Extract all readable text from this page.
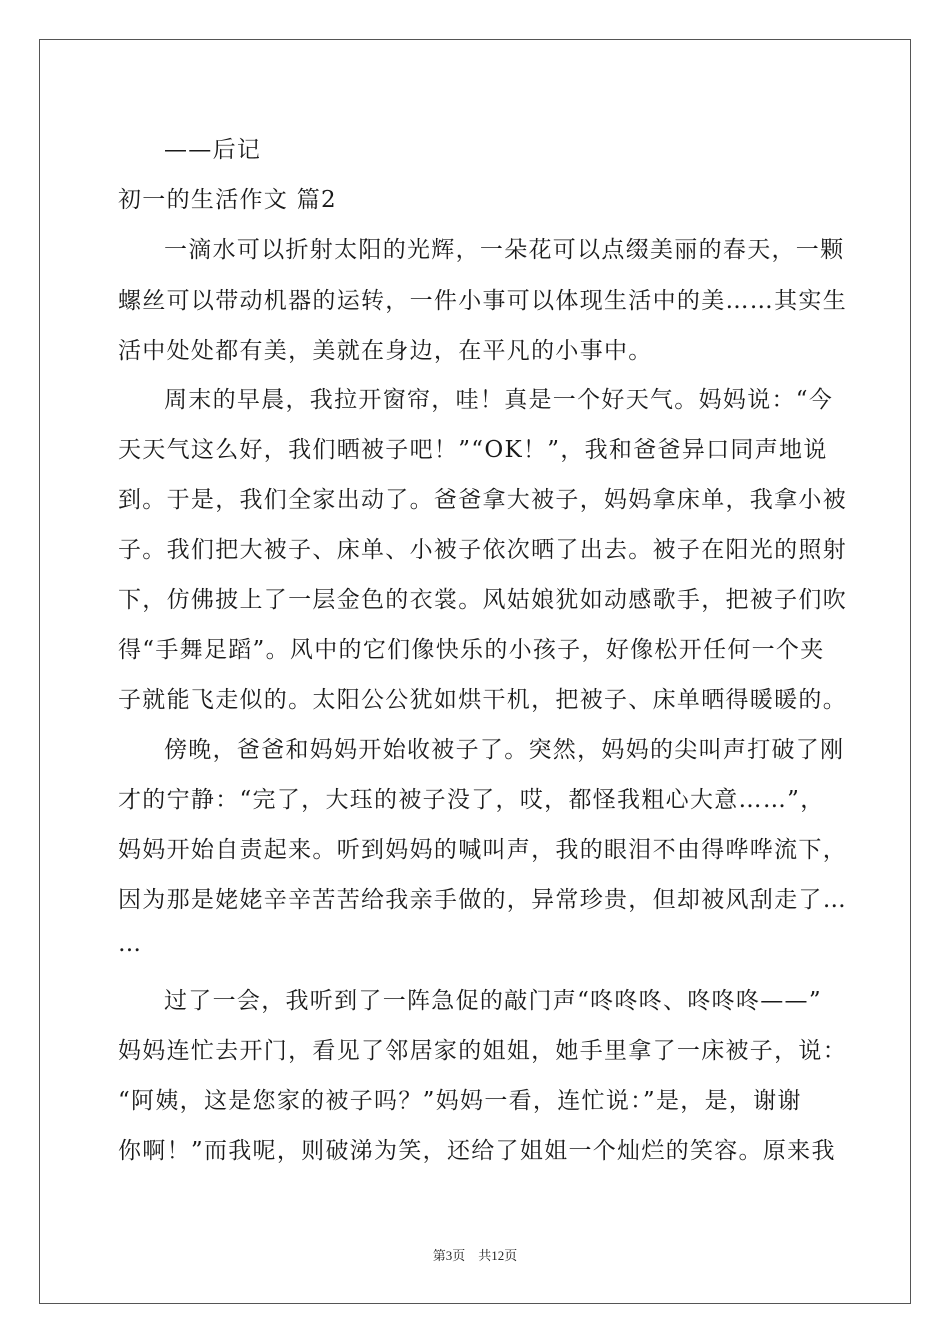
——后记
初一的生活作文 篇2
一滴水可以折射太阳的光辉，一朵花可以点缀美丽的春天，一颗
螺丝可以带动机器的运转，一件小事可以体现生活中的美……其实生
活中处处都有美，美就在身边，在平凡的小事中。
周末的早晨，我拉开窗帘，哇！真是一个好天气。妈妈说：“今
天天气这么好，我们晒被子吧！”“OK！”，我和爸爸异口同声地说
到。于是，我们全家出动了。爸爸拿大被子，妈妈拿床单，我拿小被
子。我们把大被子、床单、小被子依次晒了出去。被子在阳光的照射
下，仿佛披上了一层金色的衣裳。风姑娘犹如动感歌手，把被子们吹
得“手舞足蹈”。风中的它们像快乐的小孩子，好像松开任何一个夹
子就能飞走似的。太阳公公犹如烘干机，把被子、床单晒得暖暖的。
傍晚，爸爸和妈妈开始收被子了。突然，妈妈的尖叫声打破了刚
才的宁静：“完了，大珏的被子没了，哎，都怪我粗心大意……”，
妈妈开始自责起来。听到妈妈的喊叫声，我的眼泪不由得哗哗流下，
因为那是姥姥辛辛苦苦给我亲手做的，异常珍贵，但却被风刮走了…
…
过了一会，我听到了一阵急促的敲门声“咚咚咚、咚咚咚——”
妈妈连忙去开门，看见了邻居家的姐姐，她手里拿了一床被子，说：
“阿姨，这是您家的被子吗？”妈妈一看，连忙说：”是，是，谢谢
你啊！”而我呢，则破涕为笑，还给了姐姐一个灿烂的笑容。原来我
第3页　共12页
